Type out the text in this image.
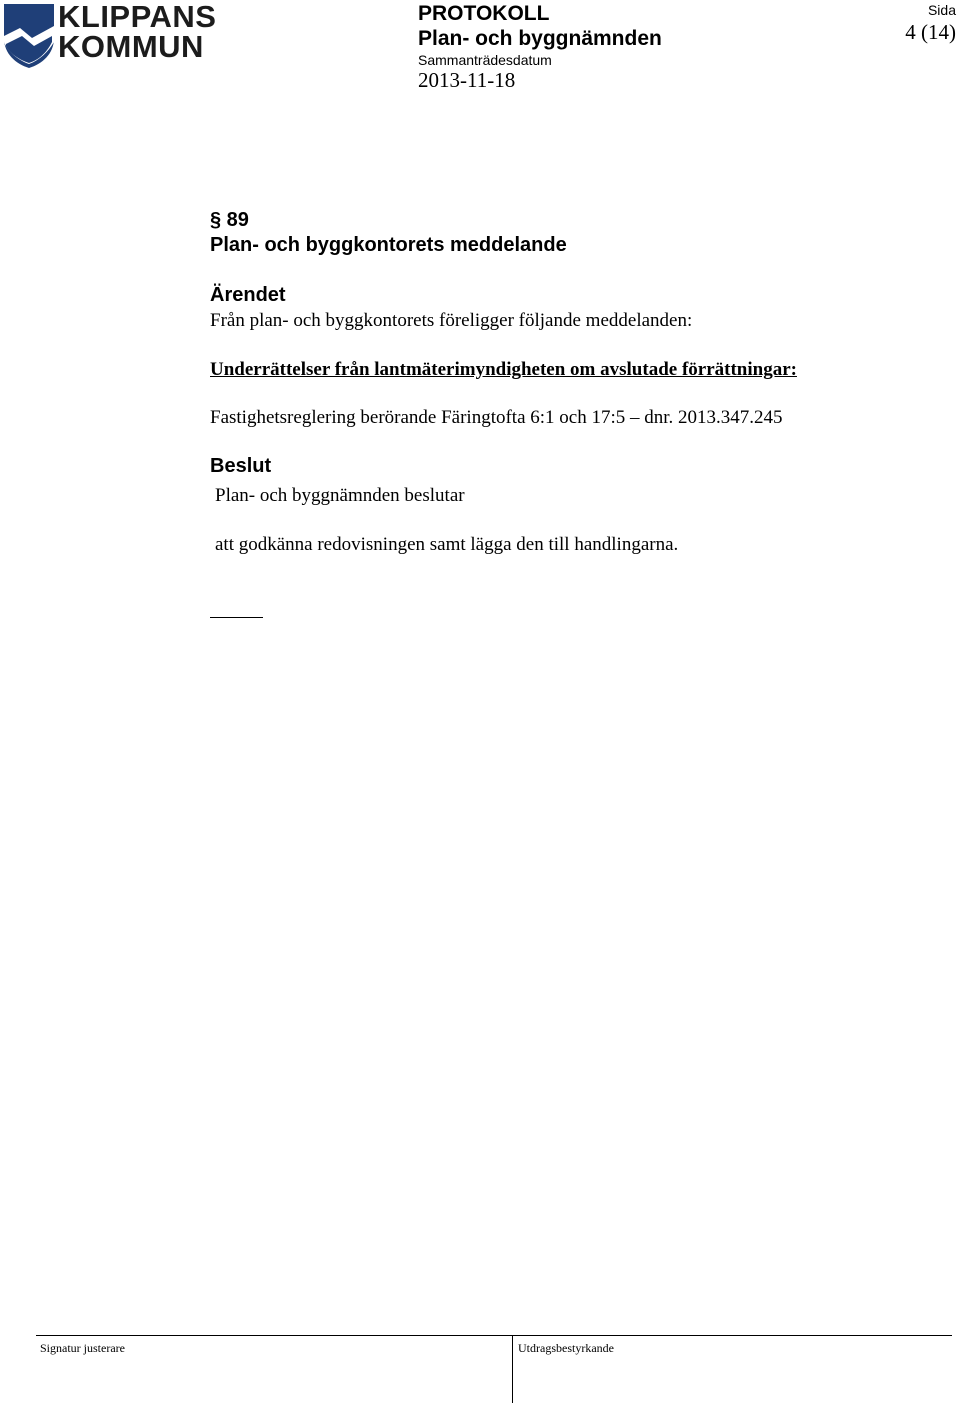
KLIPPANS
KOMMUN
PROTOKOLL
Plan- och byggnämnden
Sammanträdesdatum
2013-11-18
Sida
4 (14)
§ 89
Plan- och byggkontorets meddelande
Ärendet
Från plan- och byggkontorets föreligger följande meddelanden:
Underrättelser från lantmäterimyndigheten om avslutade förrättningar:
Fastighetsreglering berörande Färingtofta 6:1 och 17:5 – dnr. 2013.347.245
Beslut
Plan- och byggnämnden beslutar
att godkänna redovisningen samt lägga den till handlingarna.
Signatur justerare	Utdragsbestyrkande
